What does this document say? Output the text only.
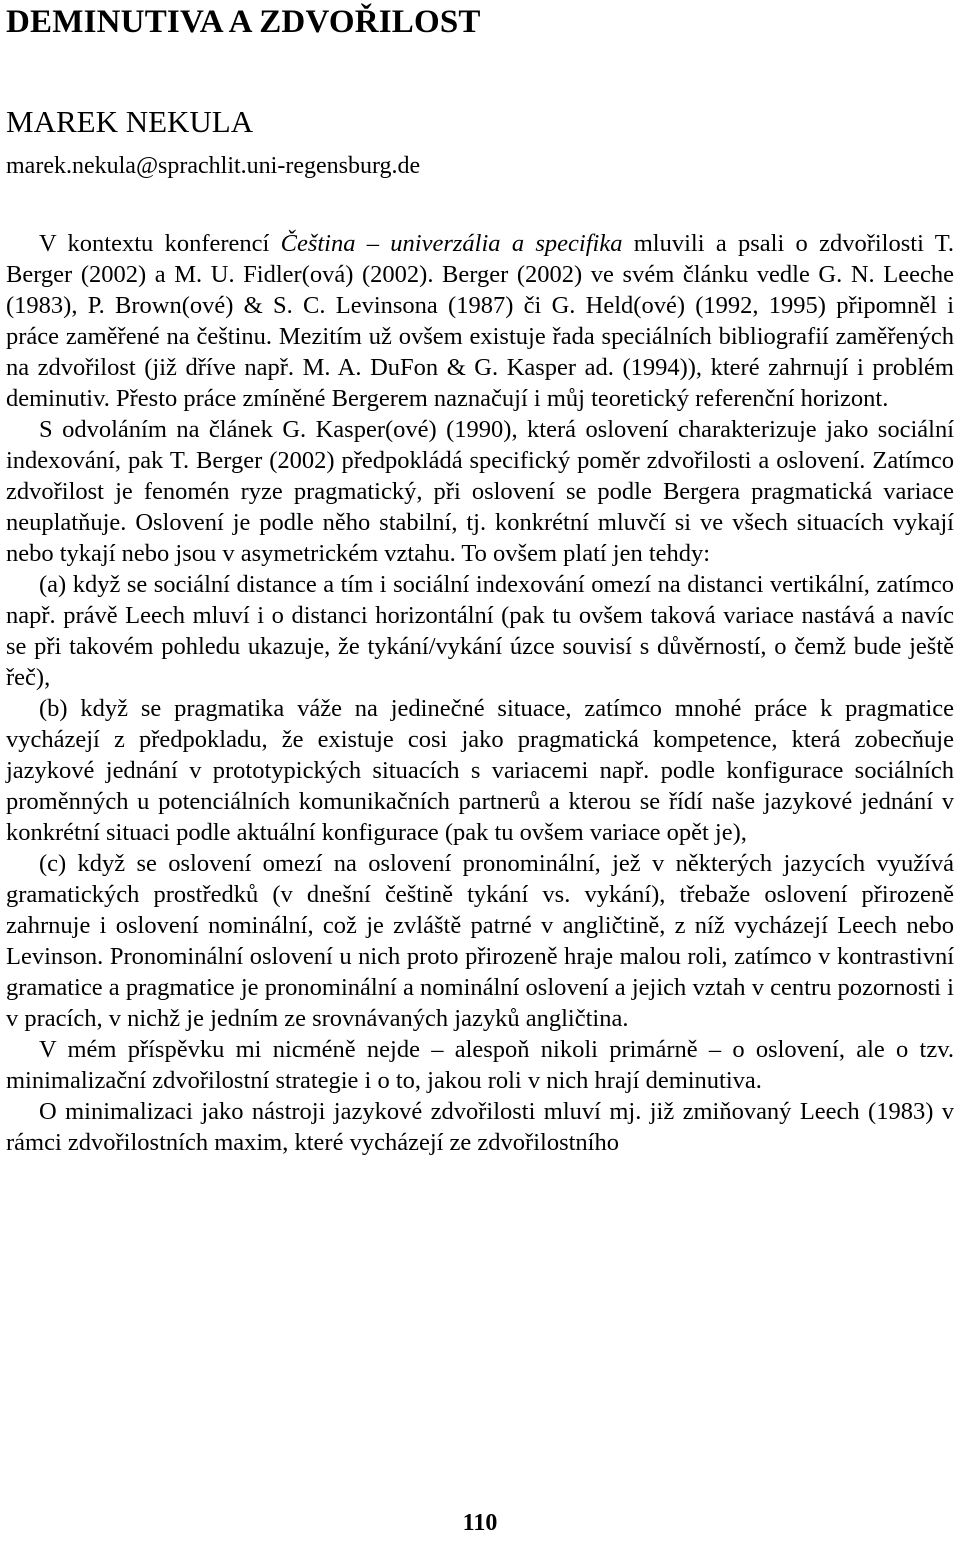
DEMINUTIVA A ZDVOŘILOST
MAREK NEKULA
marek.nekula@sprachlit.uni-regensburg.de

V kontextu konferencí Čeština – univerzália a specifika mluvili a psali o zdvořilosti T. Berger (2002) a M. U. Fidler(ová) (2002). Berger (2002) ve svém článku vedle G. N. Leeche (1983), P. Brown(ové) & S. C. Levinsona (1987) či G. Held(ové) (1992, 1995) připomněl i práce zaměřené na češtinu. Mezitím už ovšem existuje řada speciálních bibliografií zaměřených na zdvořilost (již dříve např. M. A. DuFon & G. Kasper ad. (1994)), které zahrnují i problém deminutiv. Přesto práce zmíněné Bergerem naznačují i můj teoretický referenční horizont.

S odvoláním na článek G. Kasper(ové) (1990), která oslovení charakterizuje jako sociální indexování, pak T. Berger (2002) předpokládá specifický poměr zdvořilosti a oslovení. Zatímco zdvořilost je fenomén ryze pragmatický, při oslovení se podle Bergera pragmatická variace neuplatňuje. Oslovení je podle něho stabilní, tj. konkrétní mluvčí si ve všech situacích vykají nebo tykají nebo jsou v asymetrickém vztahu. To ovšem platí jen tehdy:

(a) když se sociální distance a tím i sociální indexování omezí na distanci vertikální, zatímco např. právě Leech mluví i o distanci horizontální (pak tu ovšem taková variace nastává a navíc se při takovém pohledu ukazuje, že tykání/vykání úzce souvisí s důvěrností, o čemž bude ještě řeč),

(b) když se pragmatika váže na jedinečné situace, zatímco mnohé práce k pragmatice vycházejí z předpokladu, že existuje cosi jako pragmatická kompetence, která zobecňuje jazykové jednání v prototypických situacích s variacemi např. podle konfigurace sociálních proměnných u potenciálních komunikačních partnerů a kterou se řídí naše jazykové jednání v konkrétní situaci podle aktuální konfigurace (pak tu ovšem variace opět je),

(c) když se oslovení omezí na oslovení pronominální, jež v některých jazycích využívá gramatických prostředků (v dnešní češtině tykání vs. vykání), třebaže oslovení přirozeně zahrnuje i oslovení nominální, což je zvláště patrné v angličtině, z níž vycházejí Leech nebo Levinson. Pronominální oslovení u nich proto přirozeně hraje malou roli, zatímco v kontrastivní gramatice a pragmatice je pronominální a nominální oslovení a jejich vztah v centru pozornosti i v pracích, v nichž je jedním ze srovnávaných jazyků angličtina.

V mém příspěvku mi nicméně nejde – alespoň nikoli primárně – o oslovení, ale o tzv. minimalizační zdvořilostní strategie i o to, jakou roli v nich hrají deminutiva.

O minimalizaci jako nástroji jazykové zdvořilosti mluví mj. již zmiňovaný Leech (1983) v rámci zdvořilostních maxim, které vycházejí ze zdvořilostního

110
